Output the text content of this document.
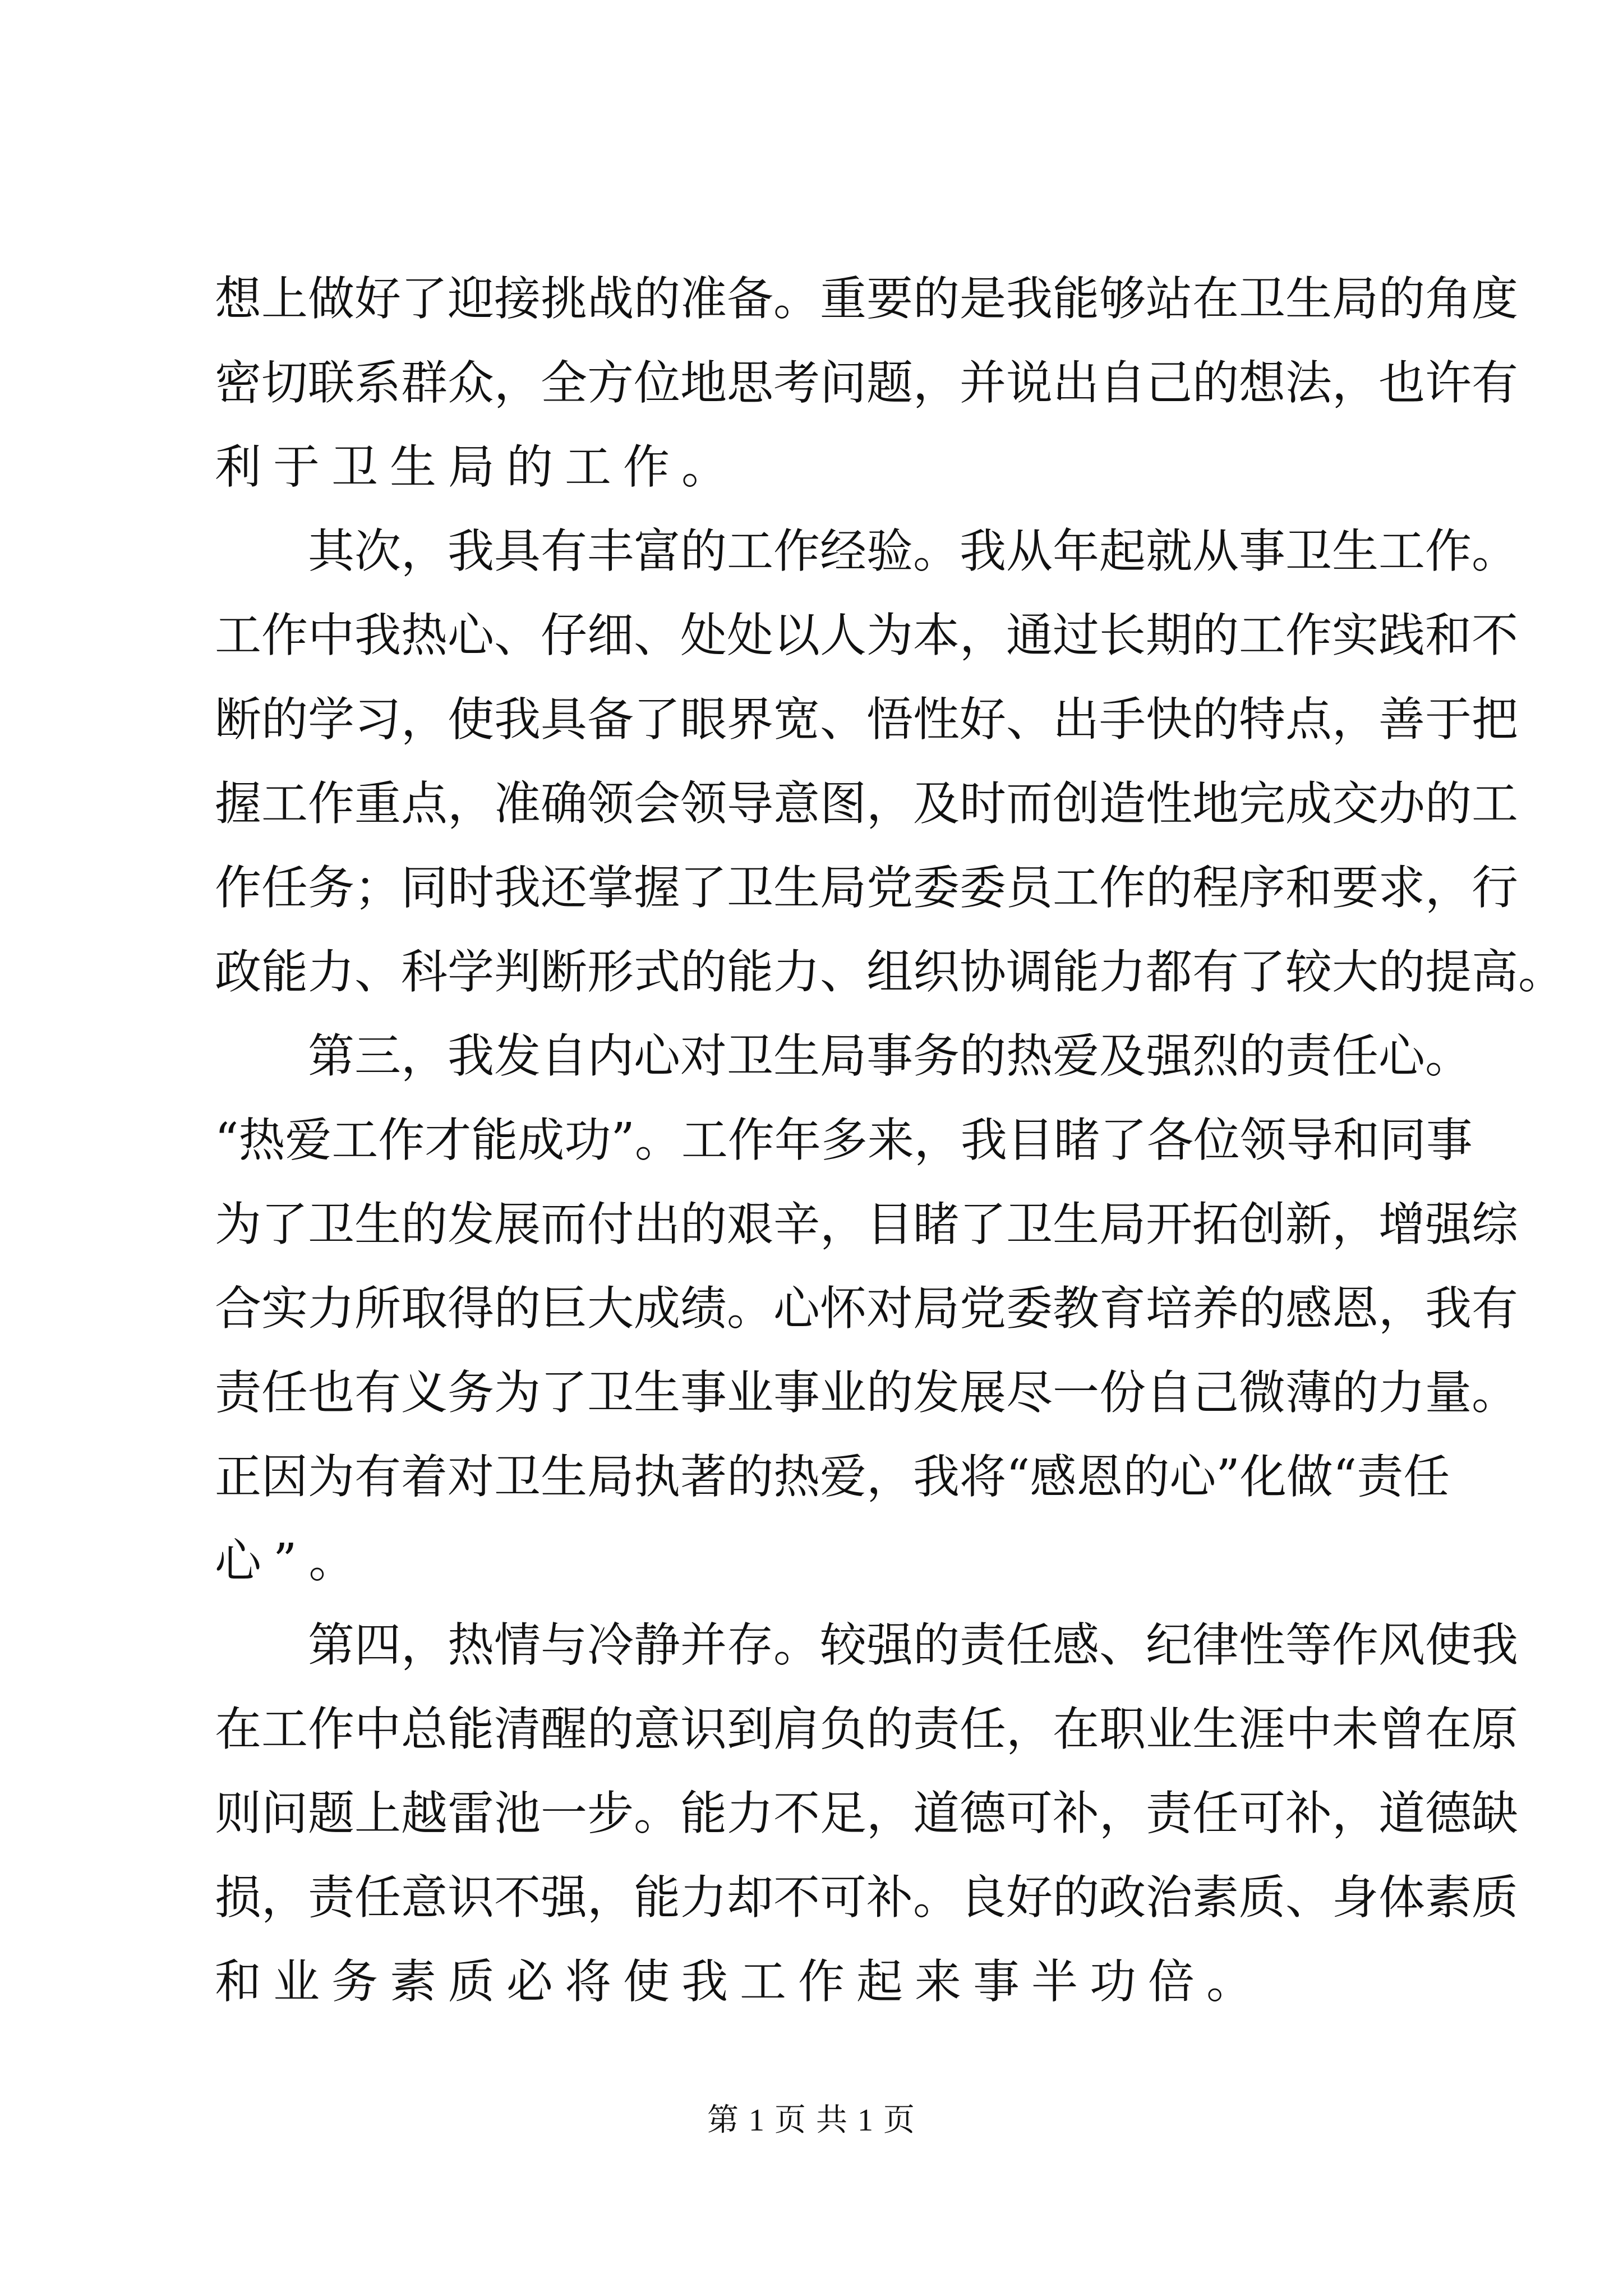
想上做好了迎接挑战的准备。重要的是我能够站在卫生局的角度
密切联系群众，全方位地思考问题，并说出自己的想法，也许有
利于卫生局的工作。
其次，我具有丰富的工作经验。我从年起就从事卫生工作。
工作中我热心、仔细、处处以人为本，通过长期的工作实践和不
断的学习，使我具备了眼界宽、悟性好、出手快的特点，善于把
握工作重点，准确领会领导意图，及时而创造性地完成交办的工
作任务；同时我还掌握了卫生局党委委员工作的程序和要求，行
政能力、科学判断形式的能力、组织协调能力都有了较大的提高。
第三，我发自内心对卫生局事务的热爱及强烈的责任心。
“热爱工作才能成功”。工作年多来，我目睹了各位领导和同事
为了卫生的发展而付出的艰辛，目睹了卫生局开拓创新，增强综
合实力所取得的巨大成绩。心怀对局党委教育培养的感恩，我有
责任也有义务为了卫生事业事业的发展尽一份自己微薄的力量。
正因为有着对卫生局执著的热爱，我将“感恩的心”化做“责任
心”。
第四，热情与冷静并存。较强的责任感、纪律性等作风使我
在工作中总能清醒的意识到肩负的责任，在职业生涯中未曾在原
则问题上越雷池一步。能力不足，道德可补，责任可补，道德缺
损，责任意识不强，能力却不可补。良好的政治素质、身体素质
和业务素质必将使我工作起来事半功倍。
第 1 页 共 1 页
